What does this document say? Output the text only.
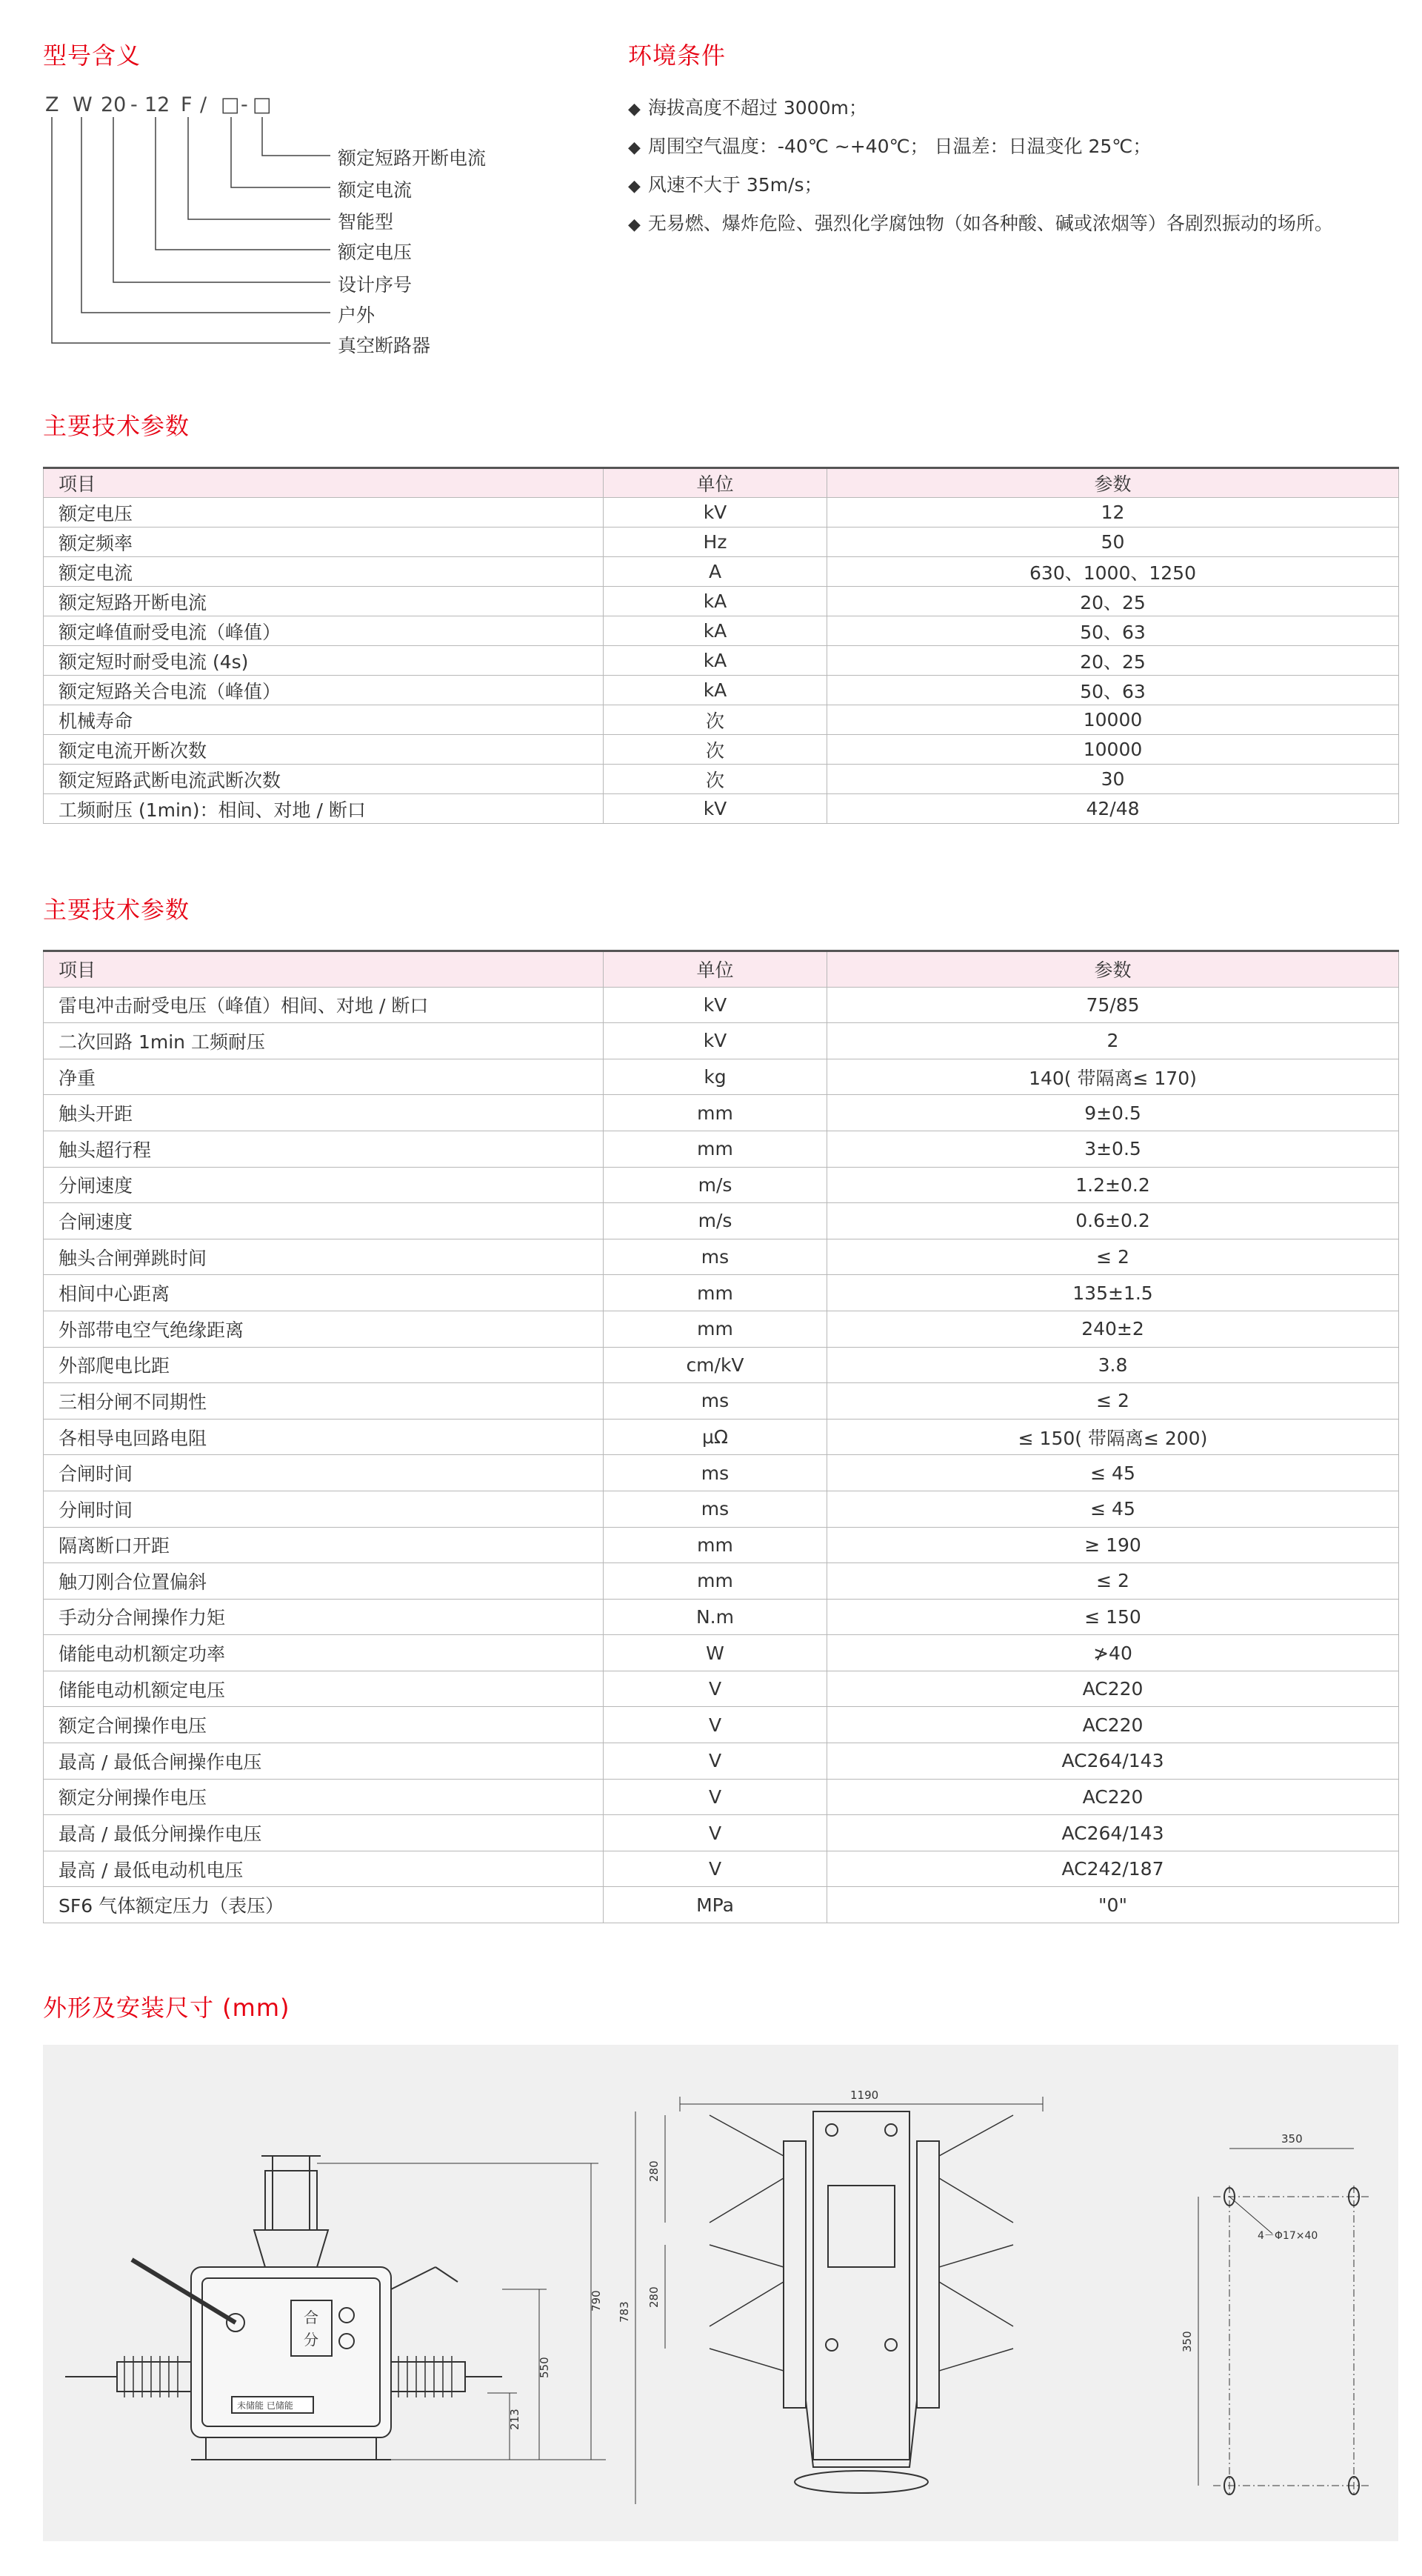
型号含义
Z W 20 - 12 F / □ - □
额定短路开断电流
额定电流
智能型
额定电压
设计序号
户外
真空断路器
环境条件
◆ 海拔高度不超过 3000m；
◆ 周围空气温度：-40℃ ~+40℃； 日温差：日温变化 25℃；
◆ 风速不大于 35m/s；
◆ 无易燃、爆炸危险、强烈化学腐蚀物（如各种酸、碱或浓烟等）各剧烈振动的场所。
主要技术参数
项目	单位	参数
额定电压	kV	12
额定频率	Hz	50
额定电流	A	630、1000、1250
额定短路开断电流	kA	20、25
额定峰值耐受电流（峰值）	kA	50、63
额定短时耐受电流 (4s)	kA	20、25
额定短路关合电流（峰值）	kA	50、63
机械寿命	次	10000
额定电流开断次数	次	10000
额定短路武断电流武断次数	次	30
工频耐压 (1min)：相间、对地 / 断口	kV	42/48
主要技术参数
项目	单位	参数
雷电冲击耐受电压（峰值）相间、对地 / 断口	kV	75/85
二次回路 1min 工频耐压	kV	2
净重	kg	140( 带隔离≤ 170)
触头开距	mm	9±0.5
触头超行程	mm	3±0.5
分闸速度	m/s	1.2±0.2
合闸速度	m/s	0.6±0.2
触头合闸弹跳时间	ms	≤ 2
相间中心距离	mm	135±1.5
外部带电空气绝缘距离	mm	240±2
外部爬电比距	cm/kV	3.8
三相分闸不同期性	ms	≤ 2
各相导电回路电阻	μΩ	≤ 150( 带隔离≤ 200)
合闸时间	ms	≤ 45
分闸时间	ms	≤ 45
隔离断口开距	mm	≥ 190
触刀刚合位置偏斜	mm	≤ 2
手动分合闸操作力矩	N.m	≤ 150
储能电动机额定功率	W	≯40
储能电动机额定电压	V	AC220
额定合闸操作电压	V	AC220
最高 / 最低合闸操作电压	V	AC264/143
额定分闸操作电压	V	AC220
最高 / 最低分闸操作电压	V	AC264/143
最高 / 最低电动机电压	V	AC242/187
SF6 气体额定压力（表压）	MPa	"0"
外形及安装尺寸 (mm)
790
550
213
合
分
未储能 已储能
1190
783
280
280
350
350
4－Φ17×40
